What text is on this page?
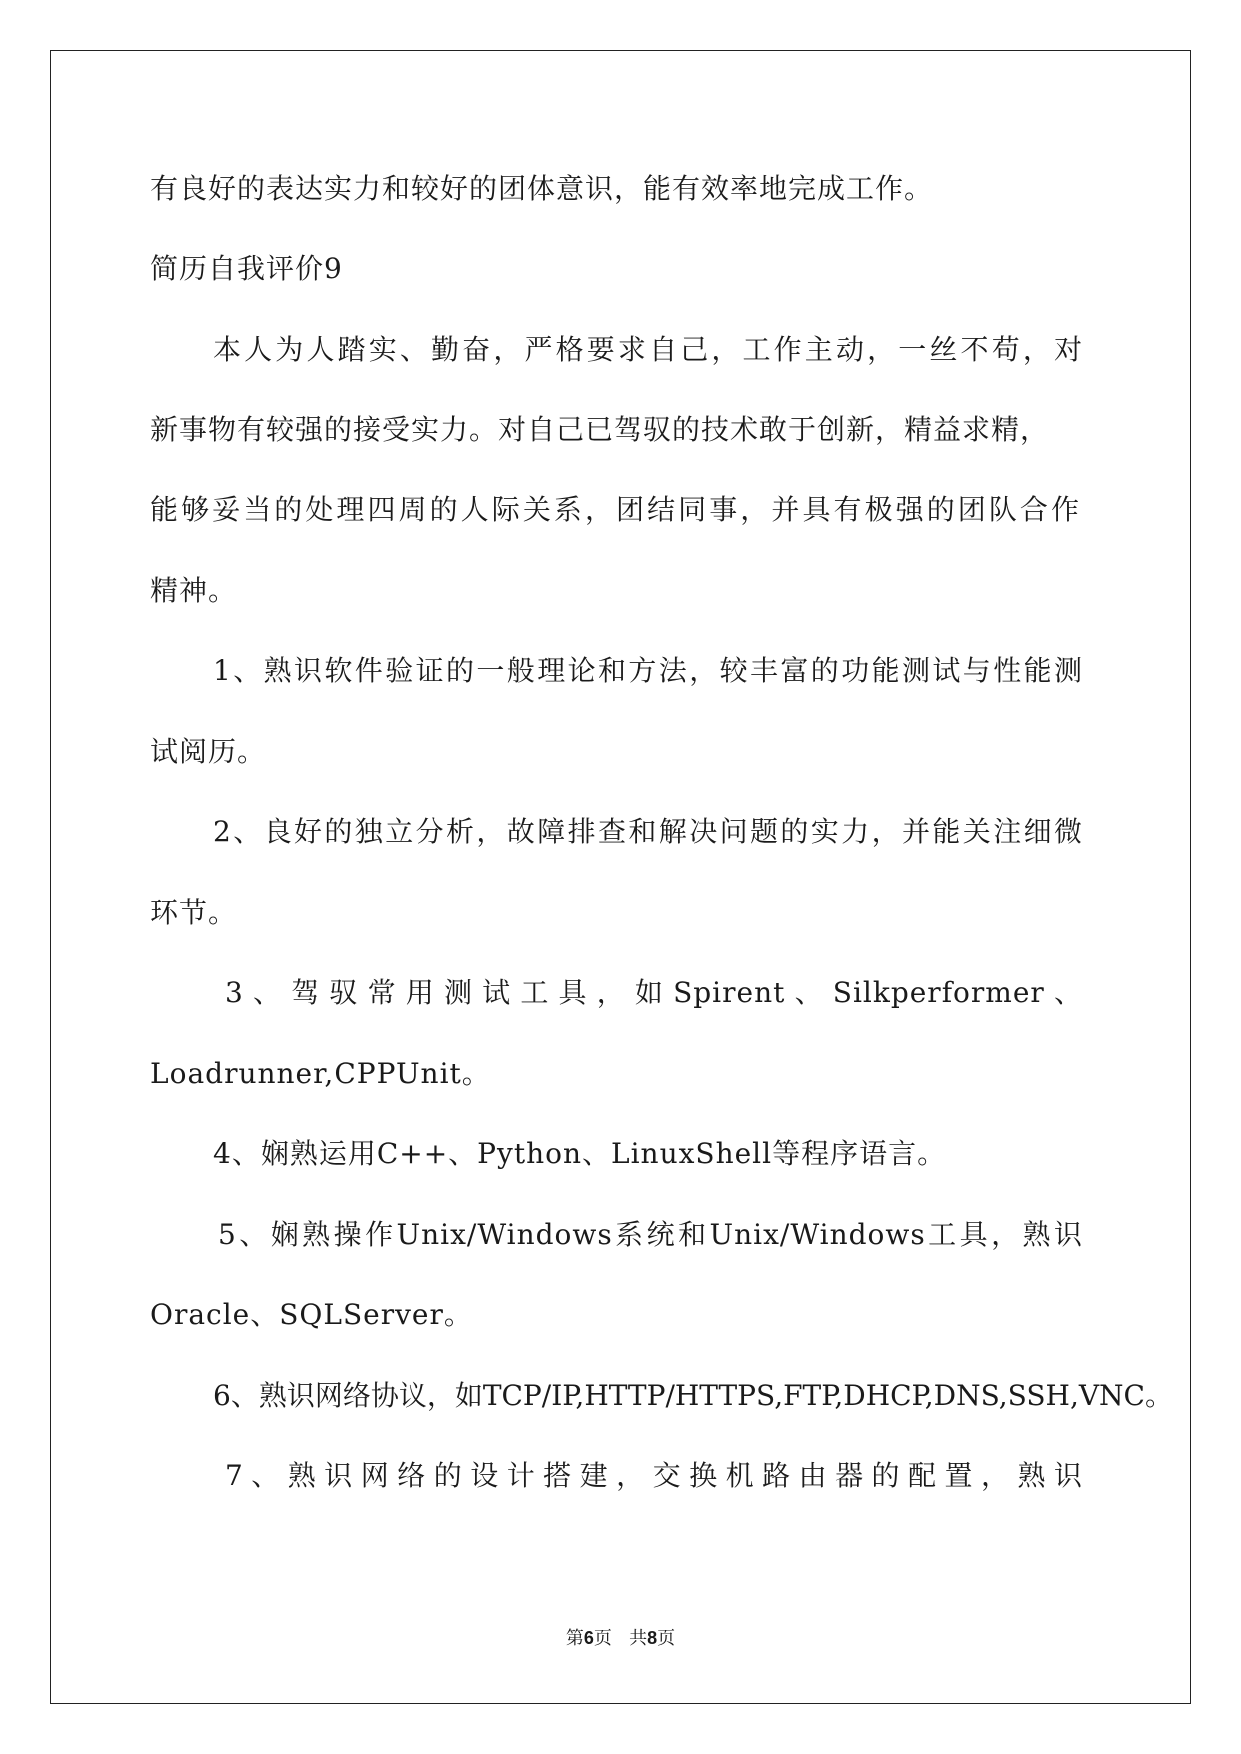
有良好的表达实力和较好的团体意识，能有效率地完成工作。
简历自我评价9
本人为人踏实、勤奋，严格要求自己，工作主动，一丝不苟，对
新事物有较强的接受实力。对自己已驾驭的技术敢于创新，精益求精，
能够妥当的处理四周的人际关系，团结同事，并具有极强的团队合作
精神。
1、熟识软件验证的一般理论和方法，较丰富的功能测试与性能测
试阅历。
2、良好的独立分析，故障排查和解决问题的实力，并能关注细微
环节。
3、驾驭常用测试工具，如Spirent、Silkperformer、
Loadrunner,CPPUnit。
4、娴熟运用C++、Python、LinuxShell等程序语言。
5、娴熟操作Unix/Windows系统和Unix/Windows工具，熟识
Oracle、SQLServer。
6、熟识网络协议，如TCP/IP,HTTP/HTTPS,FTP,DHCP,DNS,SSH,VNC。
7、熟识网络的设计搭建，交换机路由器的配置，熟识
第6页 共8页
